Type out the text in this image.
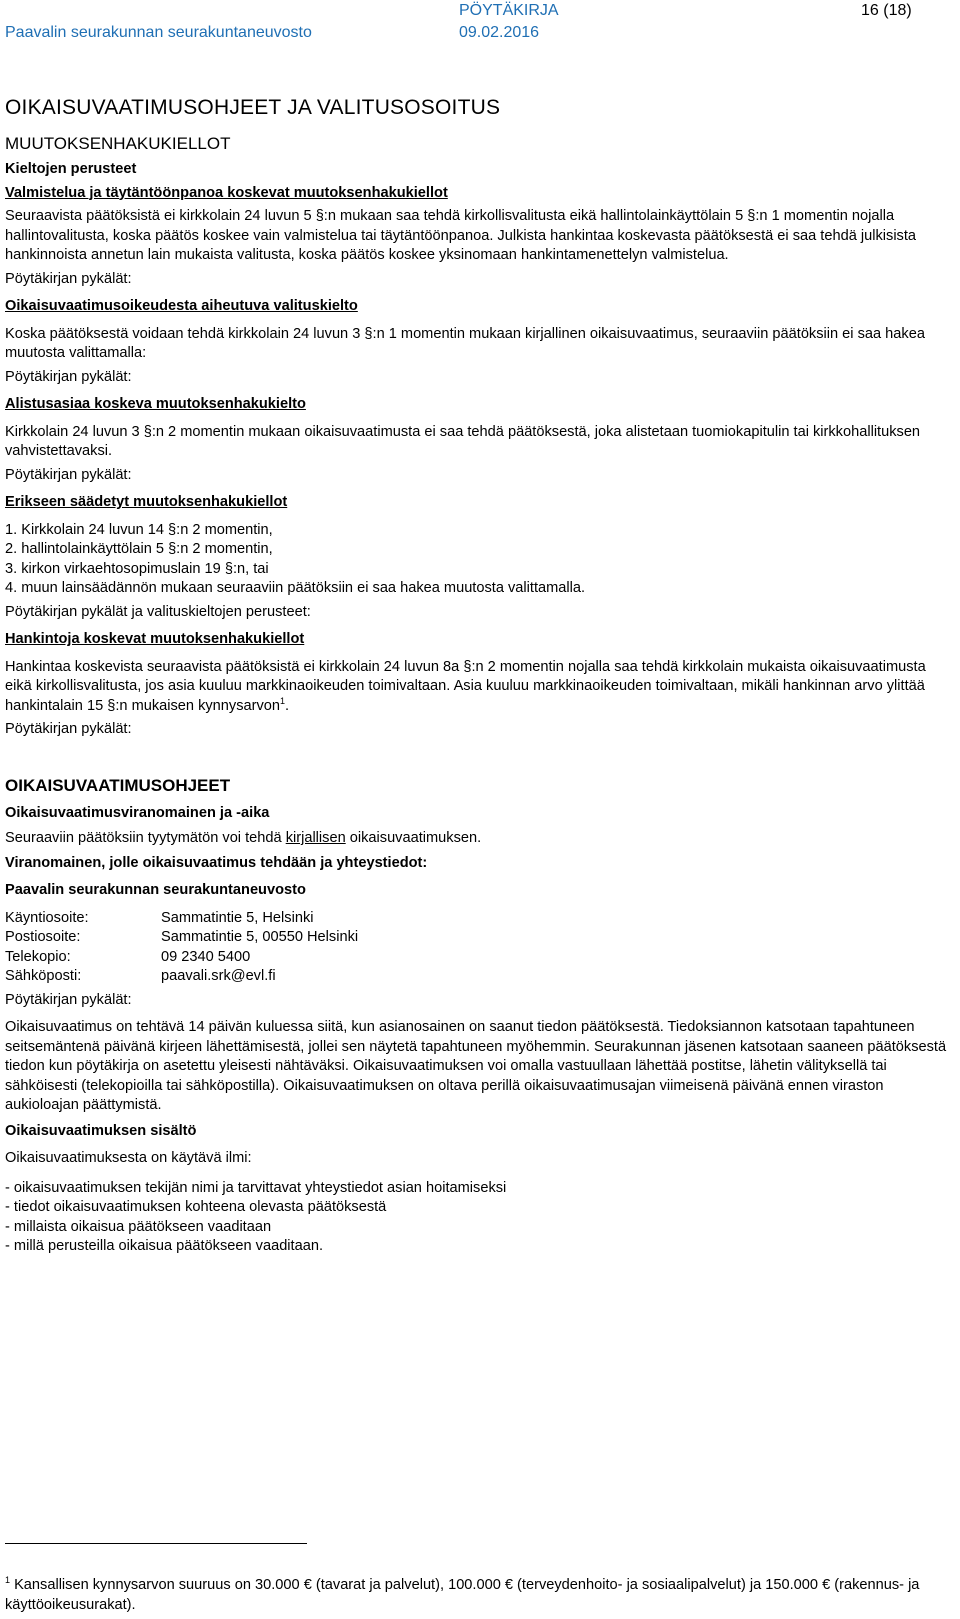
Paavalin seurakunnan seurakuntaneuvosto
PÖYTÄKIRJA
09.02.2016
16 (18)
OIKAISUVAATIMUSOHJEET JA VALITUSOSOITUS
MUUTOKSENHAKUKIELLOT

Kieltojen perusteet

Valmistelua ja täytäntöönpanoa koskevat muutoksenhakukiellot

Seuraavista päätöksistä ei kirkkolain 24 luvun 5 §:n mukaan saa tehdä kirkollisvalitusta eikä hallintolainkäyttölain 5 §:n 1 momentin nojalla hallintovalitusta, koska päätös koskee vain valmistelua tai täytäntöönpanoa. Julkista hankintaa koskevasta päätöksestä ei saa tehdä julkisista hankinnoista annetun lain mukaista valitusta, koska päätös koskee yksinomaan hankintamenettelyn valmistelua.

Pöytäkirjan pykälät:

Oikaisuvaatimusoikeudesta aiheutuva valituskielto

Koska päätöksestä voidaan tehdä kirkkolain 24 luvun 3 §:n 1 momentin mukaan kirjallinen oikaisuvaatimus, seuraaviin päätöksiin ei saa hakea muutosta valittamalla:

Pöytäkirjan pykälät:

Alistusasiaa koskeva muutoksenhakukielto

Kirkkolain 24 luvun 3 §:n 2 momentin mukaan oikaisuvaatimusta ei saa tehdä päätöksestä, joka alistetaan tuomiokapitulin tai kirkkohallituksen vahvistettavaksi.

Pöytäkirjan pykälät:

Erikseen säädetyt muutoksenhakukiellot

1. Kirkkolain 24 luvun 14 §:n 2 momentin,

2. hallintolainkäyttölain 5 §:n 2 momentin,

3. kirkon virkaehtosopimuslain 19 §:n, tai

4. muun lainsäädännön mukaan seuraaviin päätöksiin ei saa hakea muutosta valittamalla.

Pöytäkirjan pykälät ja valituskieltojen perusteet:

Hankintoja koskevat muutoksenhakukiellot

Hankintaa koskevista seuraavista päätöksistä ei kirkkolain 24 luvun 8a §:n 2 momentin nojalla saa tehdä kirkkolain mukaista oikaisuvaatimusta eikä kirkollisvalitusta, jos asia kuuluu markkinaoikeuden toimivaltaan. Asia kuuluu markkinaoikeuden toimivaltaan, mikäli hankinnan arvo ylittää hankintalain 15 §:n mukaisen kynnysarvon$^1$.

Pöytäkirjan pykälät:

OIKAISUVAATIMUSOHJEET

Oikaisuvaatimusviranomainen ja -aika

Seuraaviin päätöksiin tyytymätön voi tehdä kirjallisen oikaisuvaatimuksen.

Viranomainen, jolle oikaisuvaatimus tehdään ja yhteystiedot:

Paavalin seurakunnan seurakuntaneuvosto

Käyntiosoite:	Sammatintie 5, Helsinki

Postiosoite:	Sammatintie 5, 00550 Helsinki

Telekopio:	09 2340 5400

Sähköposti:	paavali.srk@evl.fi

Pöytäkirjan pykälät:

Oikaisuvaatimus on tehtävä 14 päivän kuluessa siitä, kun asianosainen on saanut tiedon päätöksestä. Tiedoksiannon katsotaan tapahtuneen seitsemäntenä päivänä kirjeen lähettämisestä, jollei sen näytetä tapahtuneen myöhemmin. Seurakunnan jäsenen katsotaan saaneen päätöksestä tiedon kun pöytäkirja on asetettu yleisesti nähtäväksi. Oikaisuvaatimuksen voi omalla vastuullaan lähettää postitse, lähetin välityksellä tai sähköisesti (telekopioilla tai sähköpostilla). Oikaisuvaatimuksen on oltava perillä oikaisuvaatimusajan viimeisenä päivänä ennen viraston aukioloajan päättymistä.

Oikaisuvaatimuksen sisältö

Oikaisuvaatimuksesta on käytävä ilmi:

- oikaisuvaatimuksen tekijän nimi ja tarvittavat yhteystiedot asian hoitamiseksi

- tiedot oikaisuvaatimuksen kohteena olevasta päätöksestä

- millaista oikaisua päätökseen vaaditaan

- millä perusteilla oikaisua päätökseen vaaditaan.

$^1$ Kansallisen kynnysarvon suuruus on 30.000 € (tavarat ja palvelut), 100.000 € (terveydenhoito- ja sosiaalipalvelut) ja 150.000 € (rakennus- ja käyttöoikeusurakat).
